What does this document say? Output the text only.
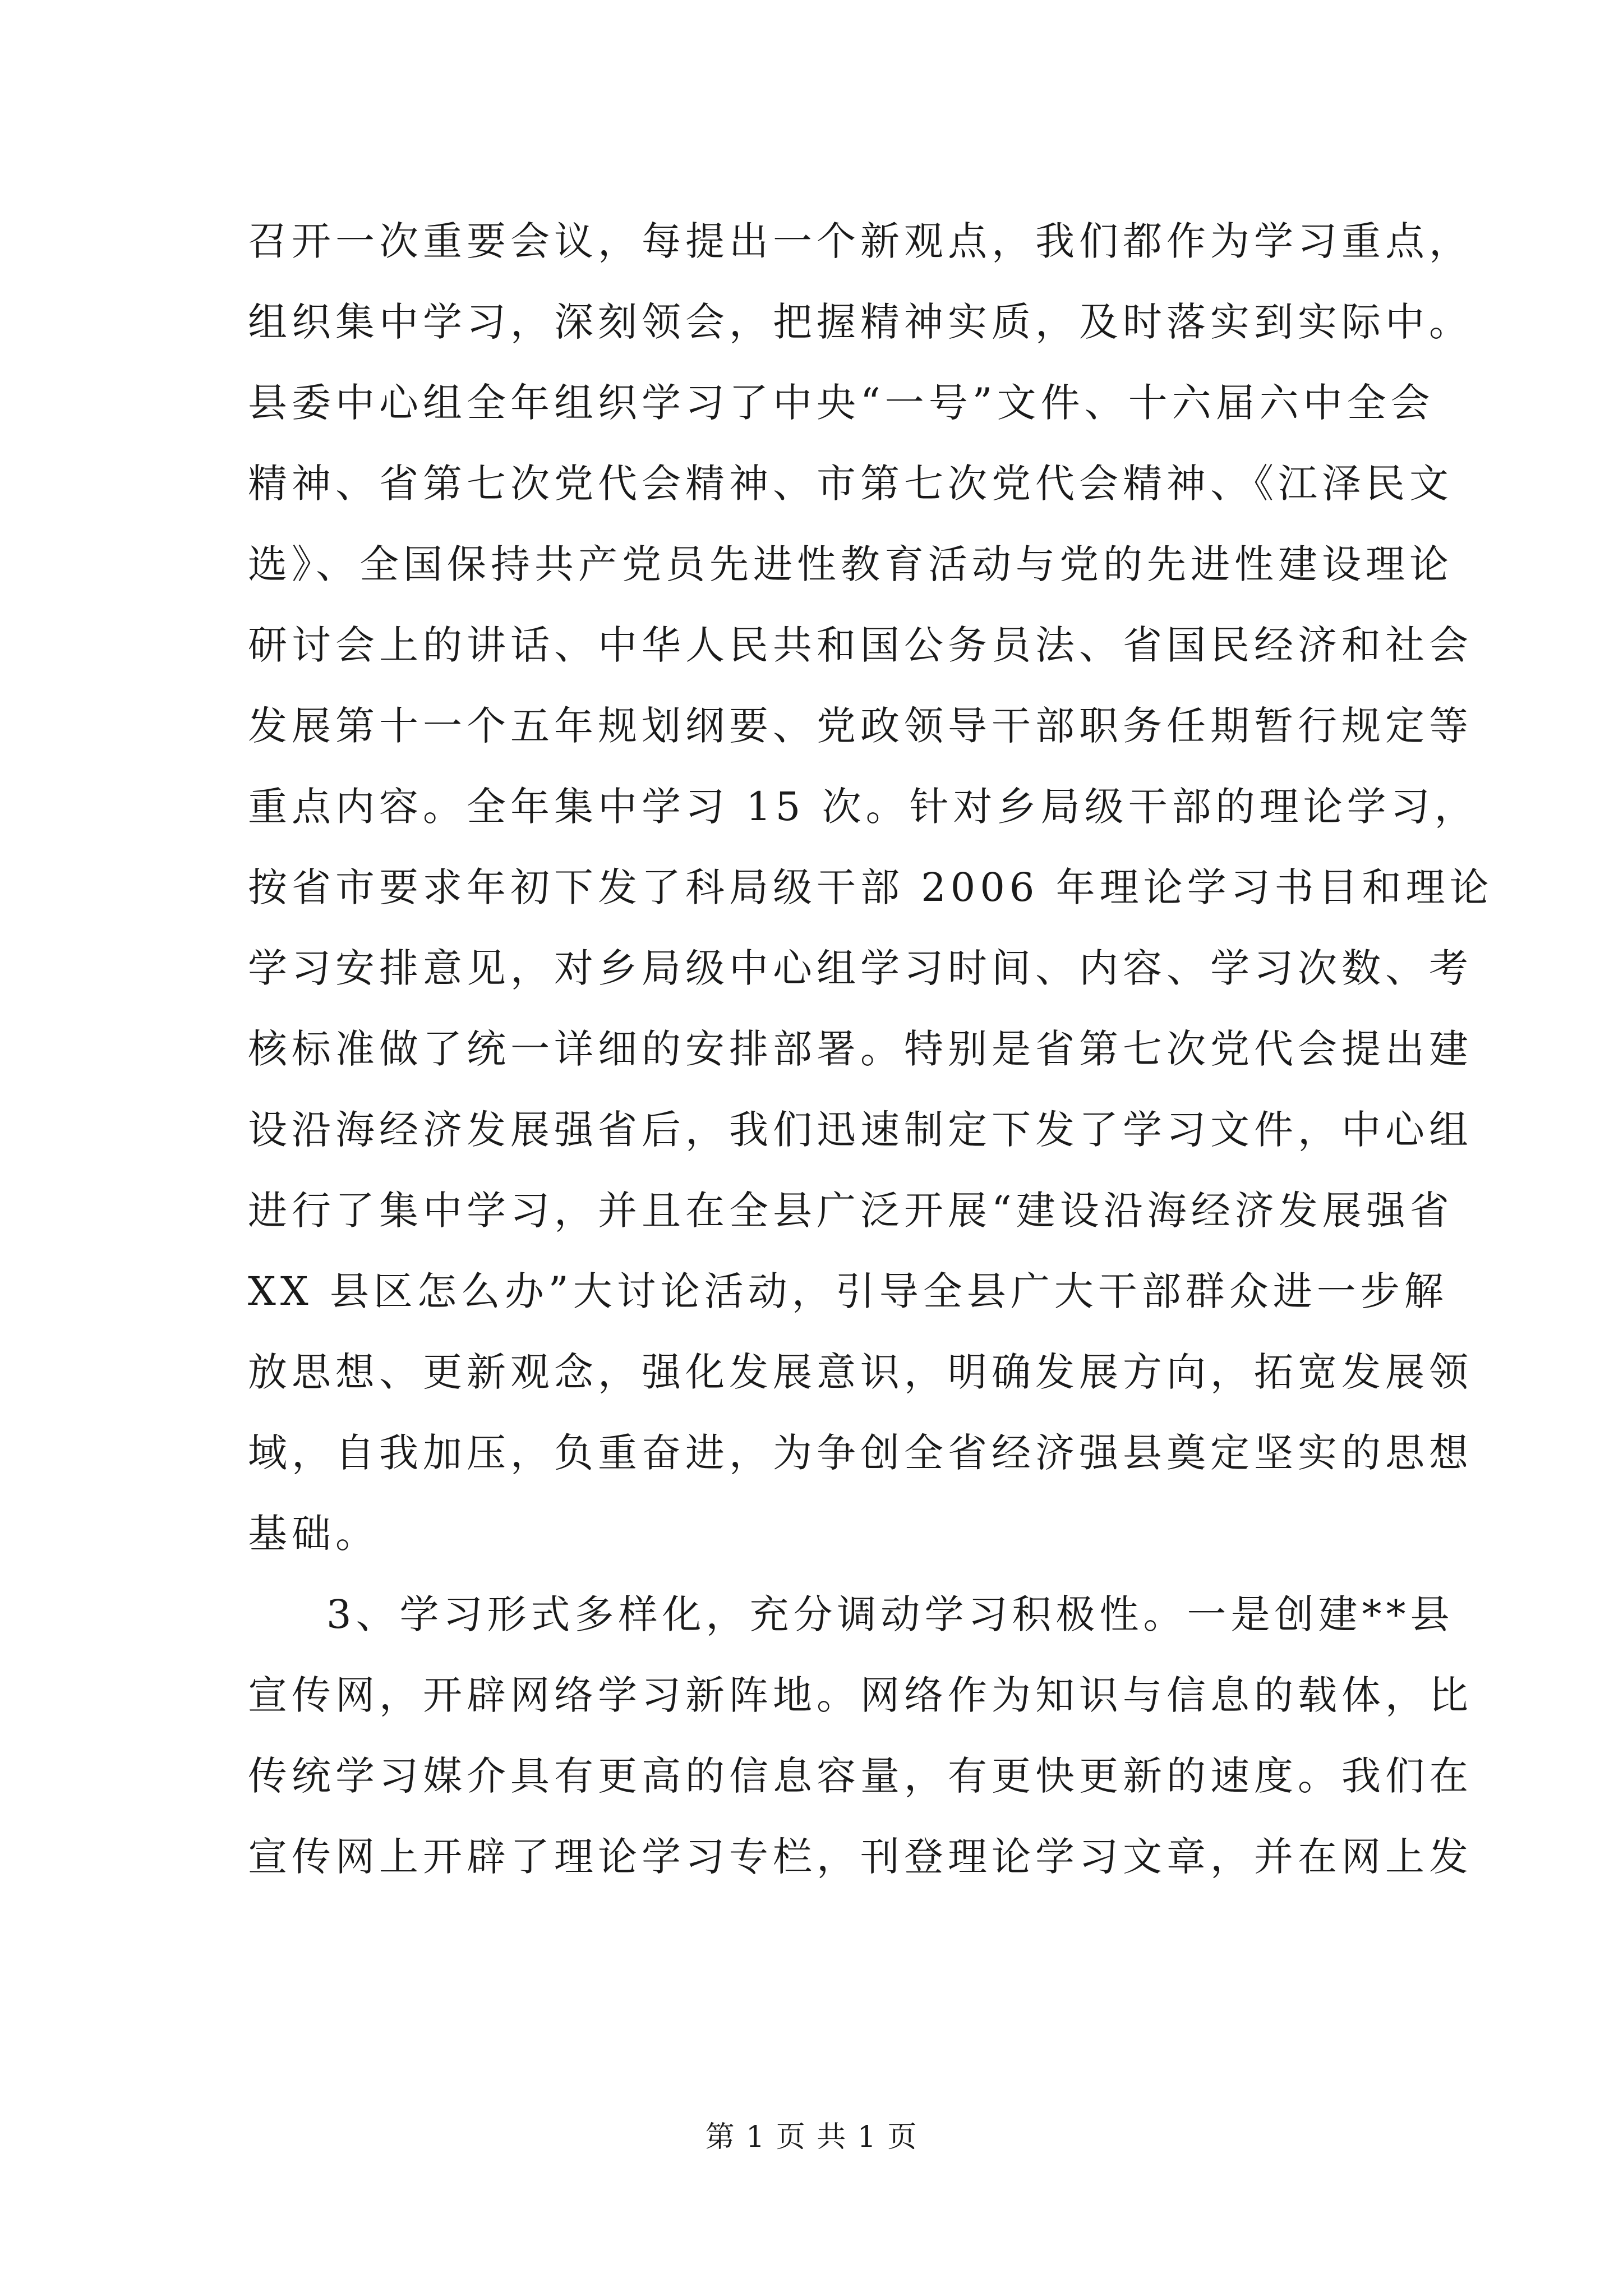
召开一次重要会议，每提出一个新观点，我们都作为学习重点，
组织集中学习，深刻领会，把握精神实质，及时落实到实际中。
县委中心组全年组织学习了中央“一号”文件、十六届六中全会
精神、省第七次党代会精神、市第七次党代会精神、《江泽民文
选》、全国保持共产党员先进性教育活动与党的先进性建设理论
研讨会上的讲话、中华人民共和国公务员法、省国民经济和社会
发展第十一个五年规划纲要、党政领导干部职务任期暂行规定等
重点内容。全年集中学习 15 次。针对乡局级干部的理论学习，
按省市要求年初下发了科局级干部 2006 年理论学习书目和理论
学习安排意见，对乡局级中心组学习时间、内容、学习次数、考
核标准做了统一详细的安排部署。特别是省第七次党代会提出建
设沿海经济发展强省后，我们迅速制定下发了学习文件，中心组
进行了集中学习，并且在全县广泛开展“建设沿海经济发展强省
XX 县区怎么办”大讨论活动，引导全县广大干部群众进一步解
放思想、更新观念，强化发展意识，明确发展方向，拓宽发展领
域，自我加压，负重奋进，为争创全省经济强县奠定坚实的思想
基础。
3、学习形式多样化，充分调动学习积极性。一是创建**县
宣传网，开辟网络学习新阵地。网络作为知识与信息的载体，比
传统学习媒介具有更高的信息容量，有更快更新的速度。我们在
宣传网上开辟了理论学习专栏，刊登理论学习文章，并在网上发
第 1 页 共 1 页
